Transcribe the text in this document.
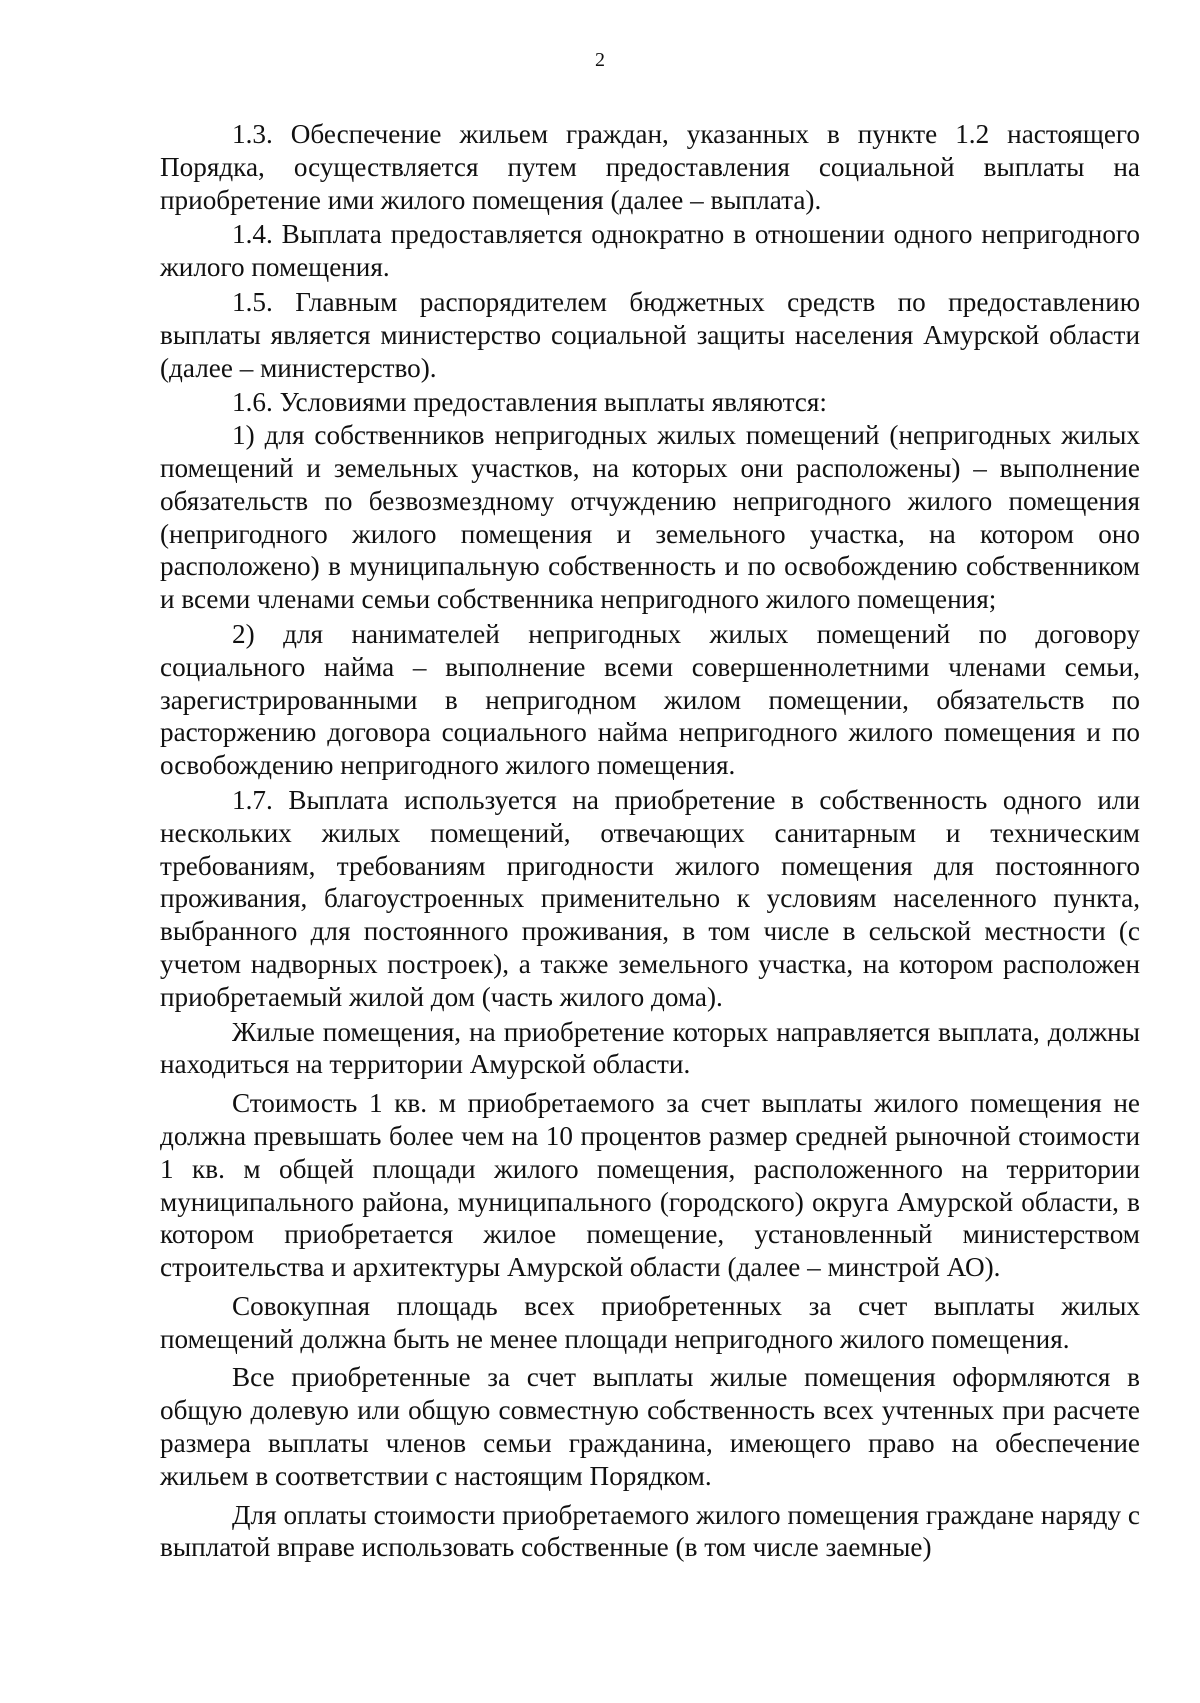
2

1.3. Обеспечение жильем граждан, указанных в пункте 1.2 настоящего Порядка, осуществляется путем предоставления социальной выплаты на приобретение ими жилого помещения (далее – выплата).

1.4. Выплата предоставляется однократно в отношении одного непригодного жилого помещения.

1.5. Главным распорядителем бюджетных средств по предоставлению выплаты является министерство социальной защиты населения Амурской области (далее – министерство).

1.6. Условиями предоставления выплаты являются:

1) для собственников непригодных жилых помещений (непригодных жилых помещений и земельных участков, на которых они расположены) – выполнение обязательств по безвозмездному отчуждению непригодного жилого помещения (непригодного жилого помещения и земельного участка, на котором оно расположено) в муниципальную собственность и по освобождению собственником и всеми членами семьи собственника непригодного жилого помещения;

2) для нанимателей непригодных жилых помещений по договору социального найма – выполнение всеми совершеннолетними членами семьи, зарегистрированными в непригодном жилом помещении, обязательств по расторжению договора социального найма непригодного жилого помещения и по освобождению непригодного жилого помещения.

1.7. Выплата используется на приобретение в собственность одного или нескольких жилых помещений, отвечающих санитарным и техническим требованиям, требованиям пригодности жилого помещения для постоянного проживания, благоустроенных применительно к условиям населенного пункта, выбранного для постоянного проживания, в том числе в сельской местности (с учетом надворных построек), а также земельного участка, на котором расположен приобретаемый жилой дом (часть жилого дома).

Жилые помещения, на приобретение которых направляется выплата, должны находиться на территории Амурской области.

Стоимость 1 кв. м приобретаемого за счет выплаты жилого помещения не должна превышать более чем на 10 процентов размер средней рыночной стоимости 1 кв. м общей площади жилого помещения, расположенного на территории муниципального района, муниципального (городского) округа Амурской области, в котором приобретается жилое помещение, установленный министерством строительства и архитектуры Амурской области (далее – минстрой АО).

Совокупная площадь всех приобретенных за счет выплаты жилых помещений должна быть не менее площади непригодного жилого помещения.

Все приобретенные за счет выплаты жилые помещения оформляются в общую долевую или общую совместную собственность всех учтенных при расчете размера выплаты членов семьи гражданина, имеющего право на обеспечение жильем в соответствии с настоящим Порядком.

Для оплаты стоимости приобретаемого жилого помещения граждане наряду с выплатой вправе использовать собственные (в том числе заемные)
